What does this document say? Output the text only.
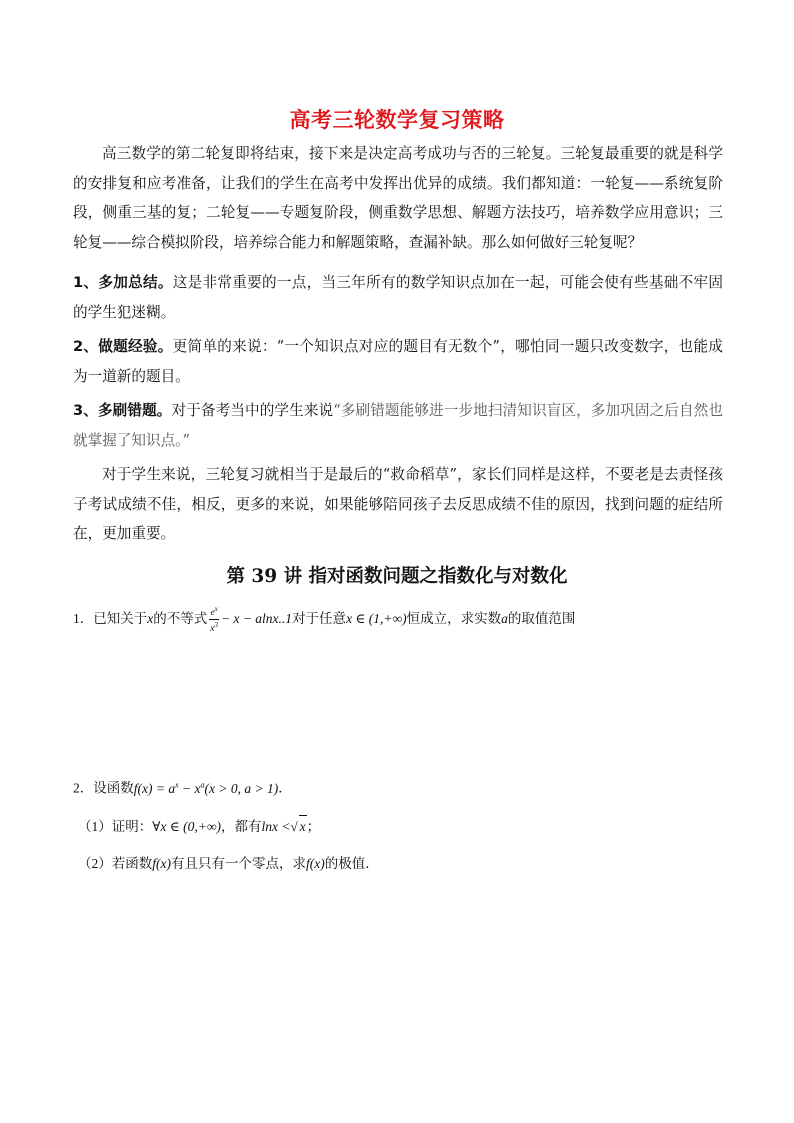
高考三轮数学复习策略
高三数学的第二轮复即将结束，接下来是决定高考成功与否的三轮复。三轮复最重要的就是科学的安排复和应考准备，让我们的学生在高考中发挥出优异的成绩。我们都知道：一轮复——系统复阶段，侧重三基的复；二轮复——专题复阶段，侧重数学思想、解题方法技巧，培养数学应用意识；三轮复——综合模拟阶段，培养综合能力和解题策略，查漏补缺。那么如何做好三轮复呢？
1、多加总结。这是非常重要的一点，当三年所有的数学知识点加在一起，可能会使有些基础不牢固的学生犯迷糊。
2、做题经验。更简单的来说：“一个知识点对应的题目有无数个”，哪怕同一题只改变数字，也能成为一道新的题目。
3、多刷错题。对于备考当中的学生来说“多刷错题能够进一步地扫清知识盲区，多加巩固之后自然也就掌握了知识点。”
对于学生来说，三轮复习就相当于是最后的“救命稻草”，家长们同样是这样，不要老是去责怪孩子考试成绩不佳，相反，更多的来说，如果能够陪同孩子去反思成绩不佳的原因，找到问题的症结所在，更加重要。
第 39 讲 指对函数问题之指数化与对数化
1．已知关于x的不等式 $\frac{e^x}{x^3} - x - alnx..1$对于任意x ∈ (1,+∞)恒成立，求实数a的取值范围
2．设函数$f(x) = a^x - x^a(x > 0$, a > 1)．
（1）证明：∀x ∈ (0,+∞)，都有lnx <√ x；
（2）若函数f(x)有且只有一个零点，求f(x)的极值．
